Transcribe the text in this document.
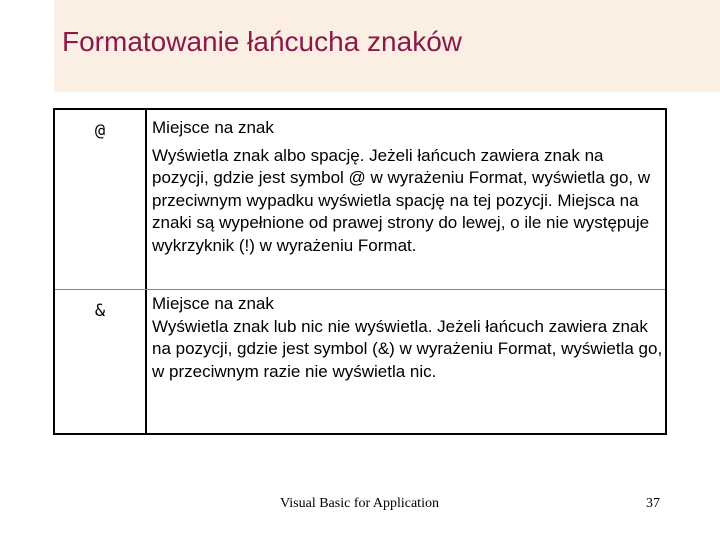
Formatowanie łańcucha znaków
@	Miejsce na znak

Wyświetla znak albo spację. Jeżeli łańcuch zawiera znak na pozycji, gdzie jest symbol @ w wyrażeniu Format, wyświetla go, w przeciwnym wypadku wyświetla spację na tej pozycji. Miejsca na znaki są wypełnione od prawej strony do lewej, o ile nie występuje wykrzyknik (!) w wyrażeniu Format.

&	Miejsce na znak

Wyświetla znak lub nic nie wyświetla. Jeżeli łańcuch zawiera znak na pozycji, gdzie jest symbol (&) w wyrażeniu Format, wyświetla go, w przeciwnym razie nie wyświetla nic.

Visual Basic for Application	37
